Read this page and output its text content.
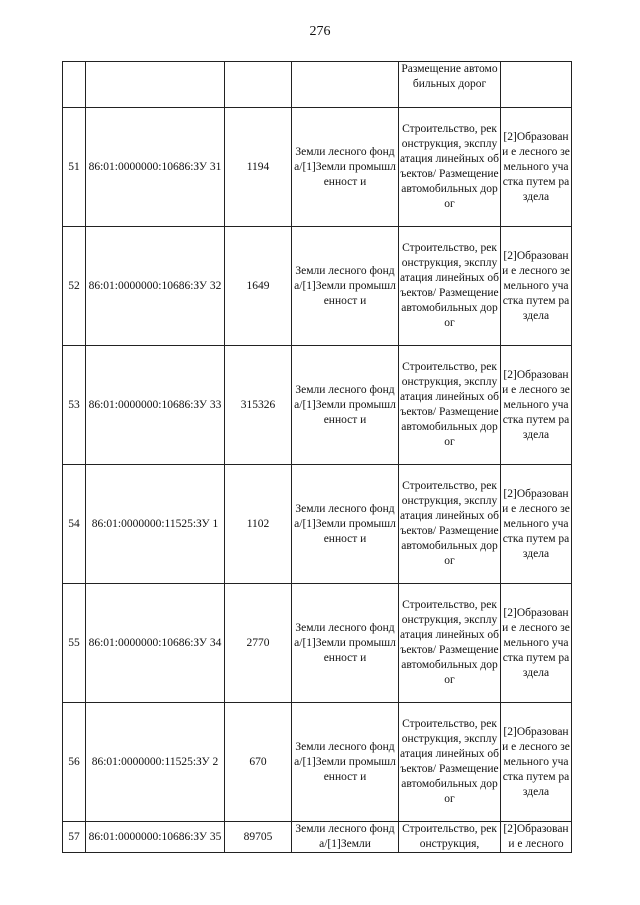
276
				Размещение автомобильных дорог	
51	86:01:0000000:10686:ЗУ 31	1194	Земли лесного фонда/[1]Земли промышленност и	Строительство, реконструкция, эксплуатация линейных объектов/ Размещение автомобильных дорог	[2]Образовани е лесного земельного участка путем раздела
52	86:01:0000000:10686:ЗУ 32	1649	Земли лесного фонда/[1]Земли промышленност и	Строительство, реконструкция, эксплуатация линейных объектов/ Размещение автомобильных дорог	[2]Образовани е лесного земельного участка путем раздела
53	86:01:0000000:10686:ЗУ 33	315326	Земли лесного фонда/[1]Земли промышленност и	Строительство, реконструкция, эксплуатация линейных объектов/ Размещение автомобильных дорог	[2]Образовани е лесного земельного участка путем раздела
54	86:01:0000000:11525:ЗУ 1	1102	Земли лесного фонда/[1]Земли промышленност и	Строительство, реконструкция, эксплуатация линейных объектов/ Размещение автомобильных дорог	[2]Образовани е лесного земельного участка путем раздела
55	86:01:0000000:10686:ЗУ 34	2770	Земли лесного фонда/[1]Земли промышленност и	Строительство, реконструкция, эксплуатация линейных объектов/ Размещение автомобильных дорог	[2]Образовани е лесного земельного участка путем раздела
56	86:01:0000000:11525:ЗУ 2	670	Земли лесного фонда/[1]Земли промышленност и	Строительство, реконструкция, эксплуатация линейных объектов/ Размещение автомобильных дорог	[2]Образовани е лесного земельного участка путем раздела
57	86:01:0000000:10686:ЗУ 35	89705	Земли лесного фонда/[1]Земли	Строительство, реконструкция,	[2]Образовани е лесного
